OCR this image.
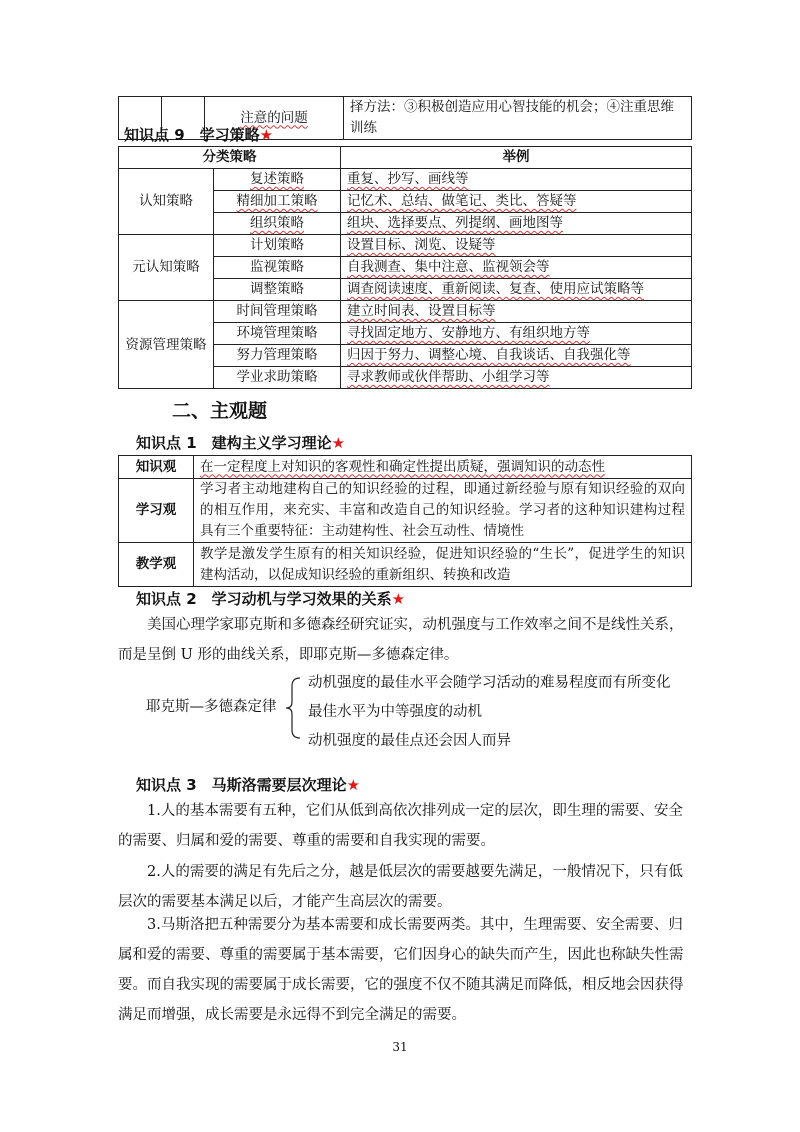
		注意的问题	择方法：③积极创造应用心智技能的机会；④注重思维训练
知识点 9　学习策略★
分类策略		举例
认知策略	复述策略	重复、抄写、画线等
	精细加工策略	记忆术、总结、做笔记、类比、答疑等
	组织策略	组块、选择要点、列提纲、画地图等
元认知策略	计划策略	设置目标、浏览、设疑等
	监视策略	自我测查、集中注意、监视领会等
	调整策略	调查阅读速度、重新阅读、复查、使用应试策略等
资源管理策略	时间管理策略	建立时间表、设置目标等
	环境管理策略	寻找固定地方、安静地方、有组织地方等
	努力管理策略	归因于努力、调整心境、自我谈话、自我强化等
	学业求助策略	寻求教师或伙伴帮助、小组学习等
二、主观题
知识点 1　建构主义学习理论★
知识观	在一定程度上对知识的客观性和确定性提出质疑，强调知识的动态性
学习观	学习者主动地建构自己的知识经验的过程，即通过新经验与原有知识经验的双向的相互作用，来充实、丰富和改造自己的知识经验。学习者的这种知识建构过程具有三个重要特征：主动建构性、社会互动性、情境性
教学观	教学是激发学生原有的相关知识经验，促进知识经验的“生长”，促进学生的知识建构活动，以促成知识经验的重新组织、转换和改造
知识点 2　学习动机与学习效果的关系★
美国心理学家耶克斯和多德森经研究证实，动机强度与工作效率之间不是线性关系，而是呈倒 U 形的曲线关系，即耶克斯—多德森定律。
耶克斯—多德森定律
动机强度的最佳水平会随学习活动的难易程度而有所变化
最佳水平为中等强度的动机
动机强度的最佳点还会因人而异
知识点 3　马斯洛需要层次理论★
1.人的基本需要有五种，它们从低到高依次排列成一定的层次，即生理的需要、安全的需要、归属和爱的需要、尊重的需要和自我实现的需要。
2.人的需要的满足有先后之分，越是低层次的需要越要先满足，一般情况下，只有低层次的需要基本满足以后，才能产生高层次的需要。
3.马斯洛把五种需要分为基本需要和成长需要两类。其中，生理需要、安全需要、归属和爱的需要、尊重的需要属于基本需要，它们因身心的缺失而产生，因此也称缺失性需要。而自我实现的需要属于成长需要，它的强度不仅不随其满足而降低，相反地会因获得满足而增强，成长需要是永远得不到完全满足的需要。
31
